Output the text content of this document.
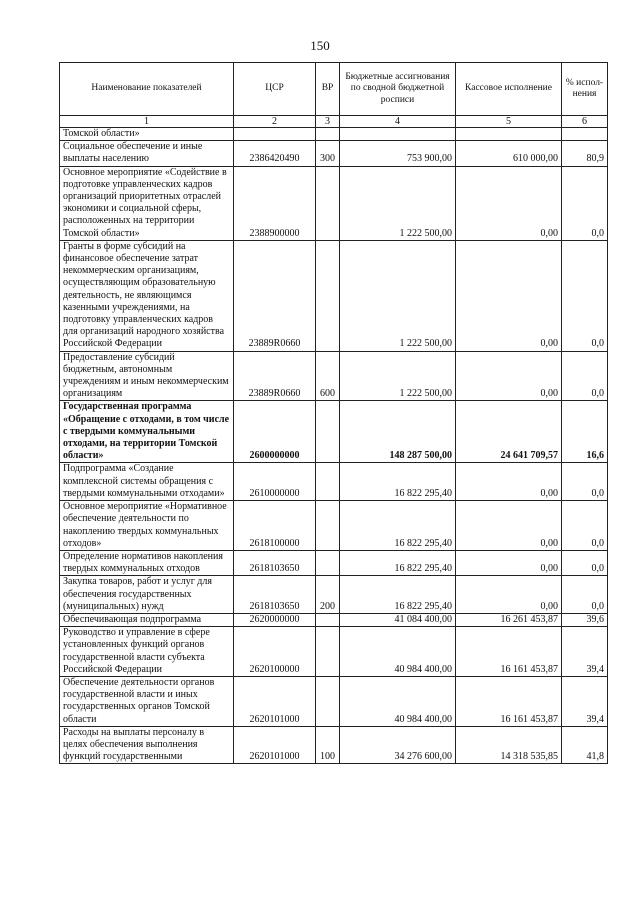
150
Наименование показателей	ЦСР	ВР	Бюджетные ассигнования по сводной бюджетной росписи	Кассовое исполнение	% испол-нения
1	2	3	4	5	6
Томской области»					
Социальное обеспечение и иные выплаты населению	2386420490	300	753 900,00	610 000,00	80,9
Основное мероприятие «Содействие в подготовке управленческих кадров организаций приоритетных отраслей экономики и социальной сферы, расположенных на территории Томской области»	2388900000		1 222 500,00	0,00	0,0
Гранты в форме субсидий на финансовое обеспечение затрат некоммерческим организациям, осуществляющим образовательную деятельность, не являющимся казенными учреждениями, на подготовку управленческих кадров для организаций народного хозяйства Российской Федерации	23889R0660		1 222 500,00	0,00	0,0
Предоставление субсидий бюджетным, автономным учреждениям и иным некоммерческим организациям	23889R0660	600	1 222 500,00	0,00	0,0
Государственная программа «Обращение с отходами, в том числе с твердыми коммунальными отходами, на территории Томской области»	2600000000		148 287 500,00	24 641 709,57	16,6
Подпрограмма «Создание комплексной системы обращения с твердыми коммунальными отходами»	2610000000		16 822 295,40	0,00	0,0
Основное мероприятие «Нормативное обеспечение деятельности по накоплению твердых коммунальных отходов»	2618100000		16 822 295,40	0,00	0,0
Определение нормативов накопления твердых коммунальных отходов	2618103650		16 822 295,40	0,00	0,0
Закупка товаров, работ и услуг для обеспечения государственных (муниципальных) нужд	2618103650	200	16 822 295,40	0,00	0,0
Обеспечивающая подпрограмма	2620000000		41 084 400,00	16 261 453,87	39,6
Руководство и управление в сфере установленных функций органов государственной власти субъекта Российской Федерации	2620100000		40 984 400,00	16 161 453,87	39,4
Обеспечение деятельности органов государственной власти и иных государственных органов Томской области	2620101000		40 984 400,00	16 161 453,87	39,4
Расходы на выплаты персоналу в целях обеспечения выполнения функций государственными	2620101000	100	34 276 600,00	14 318 535,85	41,8
